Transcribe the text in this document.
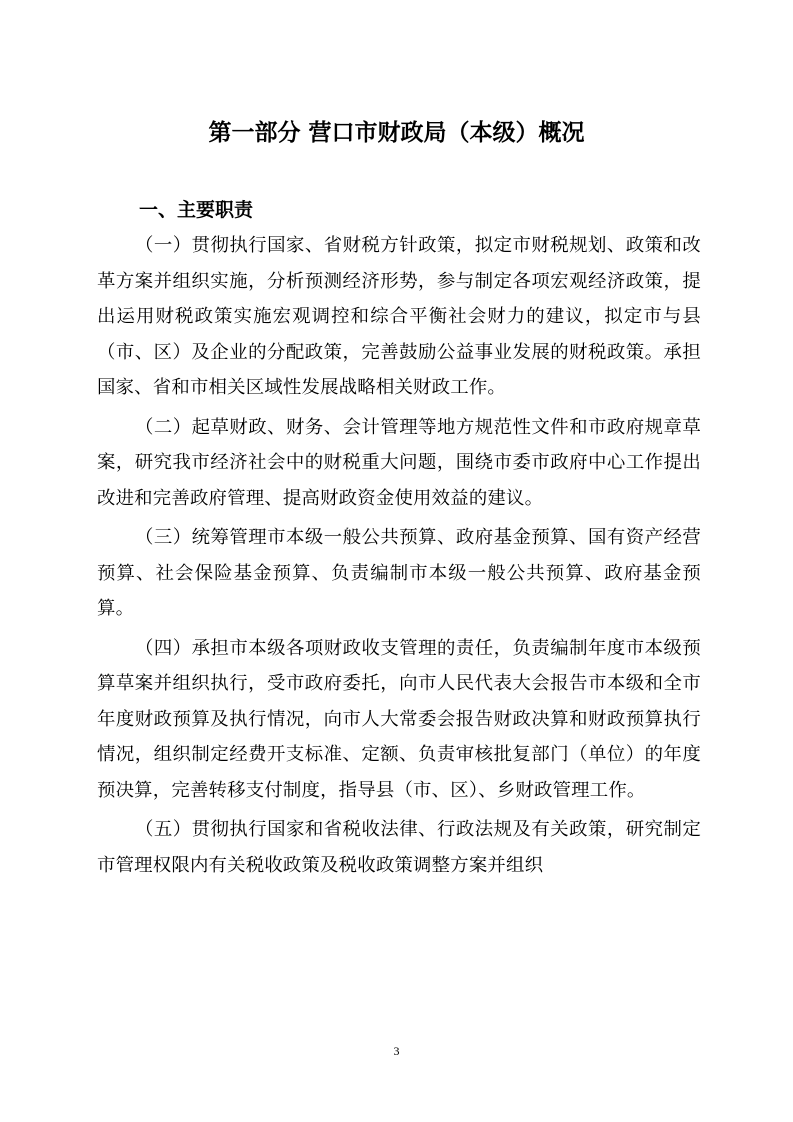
第一部分 营口市财政局（本级）概况
一、主要职责

（一）贯彻执行国家、省财税方针政策，拟定市财税规划、政策和改革方案并组织实施，分析预测经济形势，参与制定各项宏观经济政策，提出运用财税政策实施宏观调控和综合平衡社会财力的建议，拟定市与县（市、区）及企业的分配政策，完善鼓励公益事业发展的财税政策。承担国家、省和市相关区域性发展战略相关财政工作。

（二）起草财政、财务、会计管理等地方规范性文件和市政府规章草案，研究我市经济社会中的财税重大问题，围绕市委市政府中心工作提出改进和完善政府管理、提高财政资金使用效益的建议。

（三）统筹管理市本级一般公共预算、政府基金预算、国有资产经营预算、社会保险基金预算、负责编制市本级一般公共预算、政府基金预算。

（四）承担市本级各项财政收支管理的责任，负责编制年度市本级预算草案并组织执行，受市政府委托，向市人民代表大会报告市本级和全市年度财政预算及执行情况，向市人大常委会报告财政决算和财政预算执行情况，组织制定经费开支标准、定额、负责审核批复部门（单位）的年度预决算，完善转移支付制度，指导县（市、区）、乡财政管理工作。

（五）贯彻执行国家和省税收法律、行政法规及有关政策，研究制定市管理权限内有关税收政策及税收政策调整方案并组织

3
